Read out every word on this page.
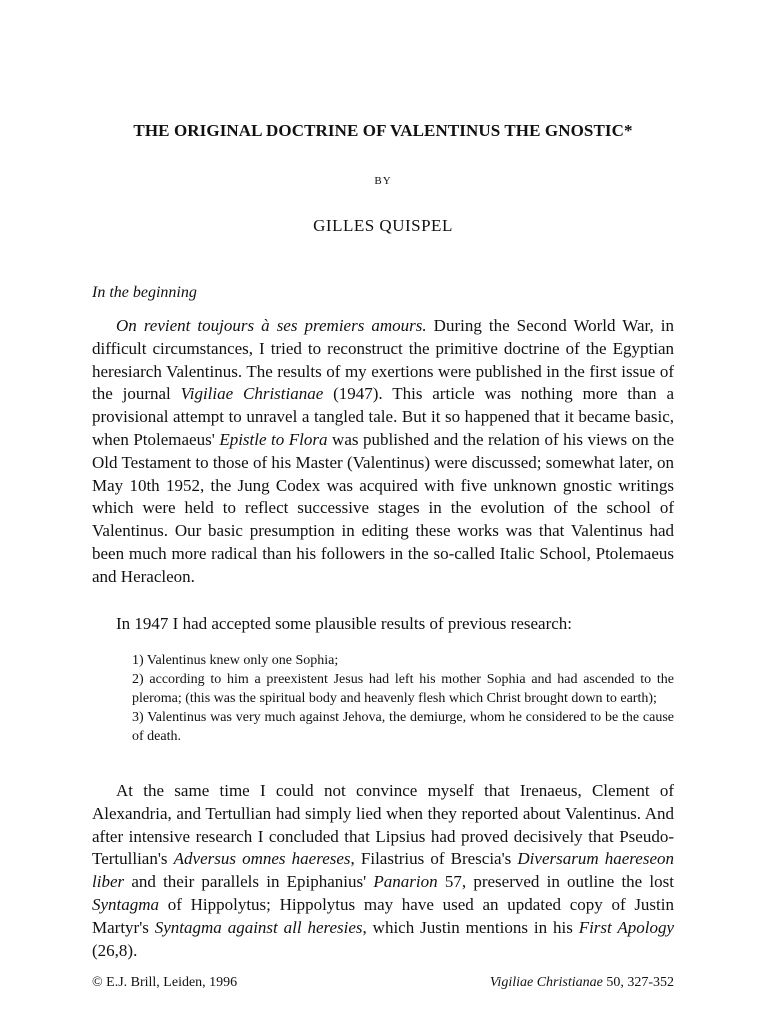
THE ORIGINAL DOCTRINE OF VALENTINUS THE GNOSTIC*

BY

GILLES QUISPEL

In the beginning

On revient toujours à ses premiers amours. During the Second World War, in difficult circumstances, I tried to reconstruct the primitive doctrine of the Egyptian heresiarch Valentinus. The results of my exertions were published in the first issue of the journal Vigiliae Christianae (1947). This article was nothing more than a provisional attempt to unravel a tangled tale. But it so happened that it became basic, when Ptolemaeus' Epistle to Flora was published and the relation of his views on the Old Testament to those of his Master (Valentinus) were discussed; somewhat later, on May 10th 1952, the Jung Codex was acquired with five unknown gnostic writings which were held to reflect successive stages in the evolution of the school of Valentinus. Our basic presumption in editing these works was that Valentinus had been much more radical than his followers in the so-called Italic School, Ptolemaeus and Heracleon.

In 1947 I had accepted some plausible results of previous research:

1) Valentinus knew only one Sophia;
2) according to him a preexistent Jesus had left his mother Sophia and had ascended to the pleroma; (this was the spiritual body and heavenly flesh which Christ brought down to earth);
3) Valentinus was very much against Jehova, the demiurge, whom he considered to be the cause of death.

At the same time I could not convince myself that Irenaeus, Clement of Alexandria, and Tertullian had simply lied when they reported about Valentinus. And after intensive research I concluded that Lipsius had proved decisively that Pseudo-Tertullian's Adversus omnes haereses, Filastrius of Brescia's Diversarum haereseon liber and their parallels in Epiphanius' Panarion 57, preserved in outline the lost Syntagma of Hippolytus; Hippolytus may have used an updated copy of Justin Martyr's Syntagma against all heresies, which Justin mentions in his First Apology (26,8).

© E.J. Brill, Leiden, 1996	Vigiliae Christianae 50, 327-352
